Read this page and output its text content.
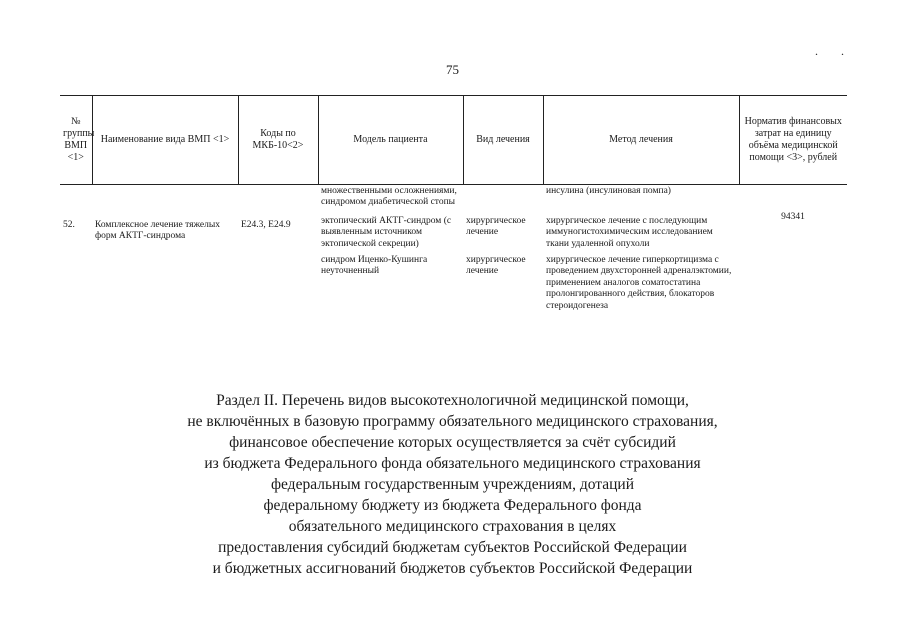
. .
75
№ группы ВМП <1>	Наименование вида ВМП <1>	Коды по МКБ-10<2>	Модель пациента	Вид лечения	Метод лечения	Норматив финансовых затрат на единицу объёма медицинской помощи <3>, рублей
			множественными осложнениями, синдромом диабетической стопы		инсулина (инсулиновая помпа)	
52.	Комплексное лечение тяжелых форм АКТГ-синдрома	E24.3, E24.9	эктопический АКТГ-синдром (с выявленным источником эктопической секреции)	хирургическое лечение	хирургическое лечение с последующим иммуногистохимическим исследованием ткани удаленной опухоли	94341
			синдром Иценко-Кушинга неуточненный	хирургическое лечение	хирургическое лечение гиперкортицизма с проведением двухсторонней адреналэктомии, применением аналогов соматостатина пролонгированного действия, блокаторов стероидогенеза	
Раздел II. Перечень видов высокотехнологичной медицинской помощи,
не включённых в базовую программу обязательного медицинского страхования,
финансовое обеспечение которых осуществляется за счёт субсидий
из бюджета Федерального фонда обязательного медицинского страхования
федеральным государственным учреждениям, дотаций
федеральному бюджету из бюджета Федерального фонда
обязательного медицинского страхования в целях
предоставления субсидий бюджетам субъектов Российской Федерации
и бюджетных ассигнований бюджетов субъектов Российской Федерации
